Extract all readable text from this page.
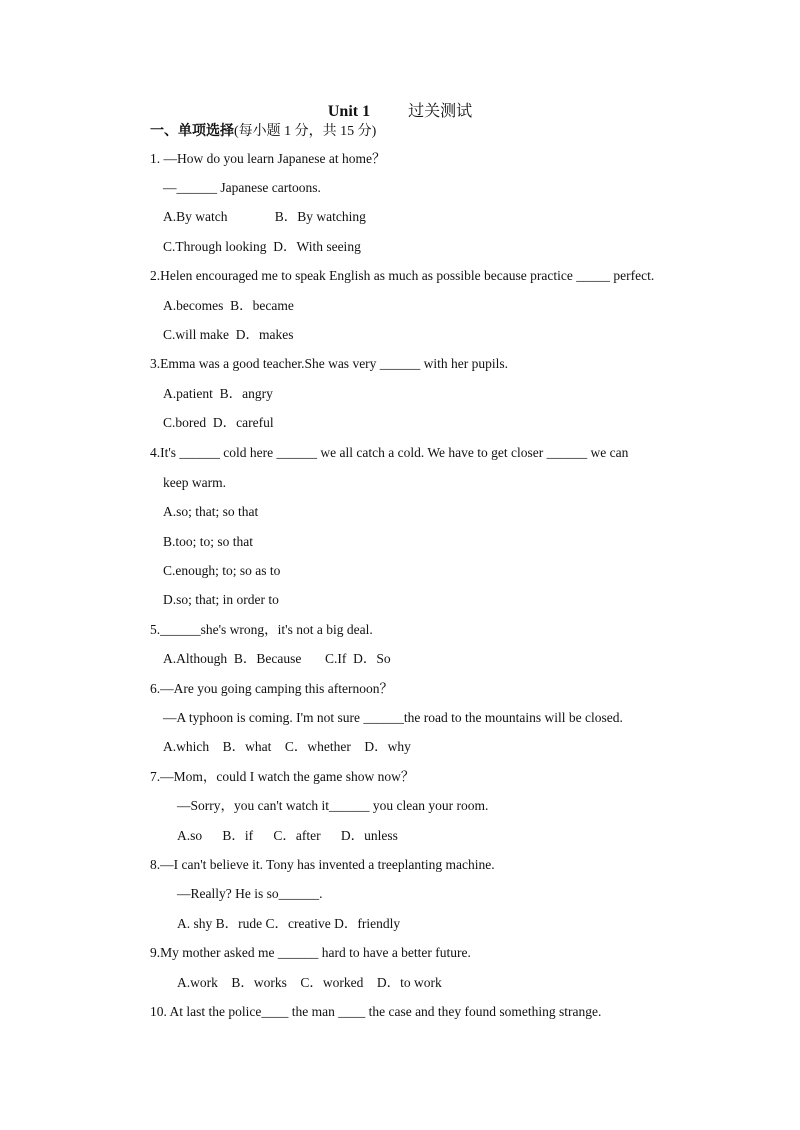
Unit 1 过关测试
一、单项选择(每小题 1 分，共 15 分)
1. —How do you learn Japanese at home？
—______ Japanese cartoons.
A.By watch              B．By watching
C.Through looking  D．With seeing
2.Helen encouraged me to speak English as much as possible because practice _____ perfect.
A.becomes  B．became
C.will make  D．makes
3.Emma was a good teacher.She was very ______ with her pupils.
A.patient  B．angry
C.bored  D．careful
4.It's ______ cold here ______ we all catch a cold. We have to get closer ______ we can
keep warm.
A.so; that; so that
B.too; to; so that
C.enough; to; so as to
D.so; that; in order to
5.______she's wrong，it's not a big deal.
A.Although  B．Because       C.If  D．So
6.—Are you going camping this afternoon？
—A typhoon is coming. I'm not sure ______the road to the mountains will be closed.
A.which    B．what    C．whether    D．why
7.—Mom，could I watch the game show now？
—Sorry，you can't watch it______ you clean your room.
A.so      B．if      C．after      D．unless
8.—I can't believe it. Tony has invented a treeplanting machine.
—Really? He is so______.
A. shy B．rude C．creative D．friendly
9.My mother asked me ______ hard to have a better future.
A.work    B．works    C．worked    D．to work
10. At last the police____ the man ____ the case and they found something strange.
